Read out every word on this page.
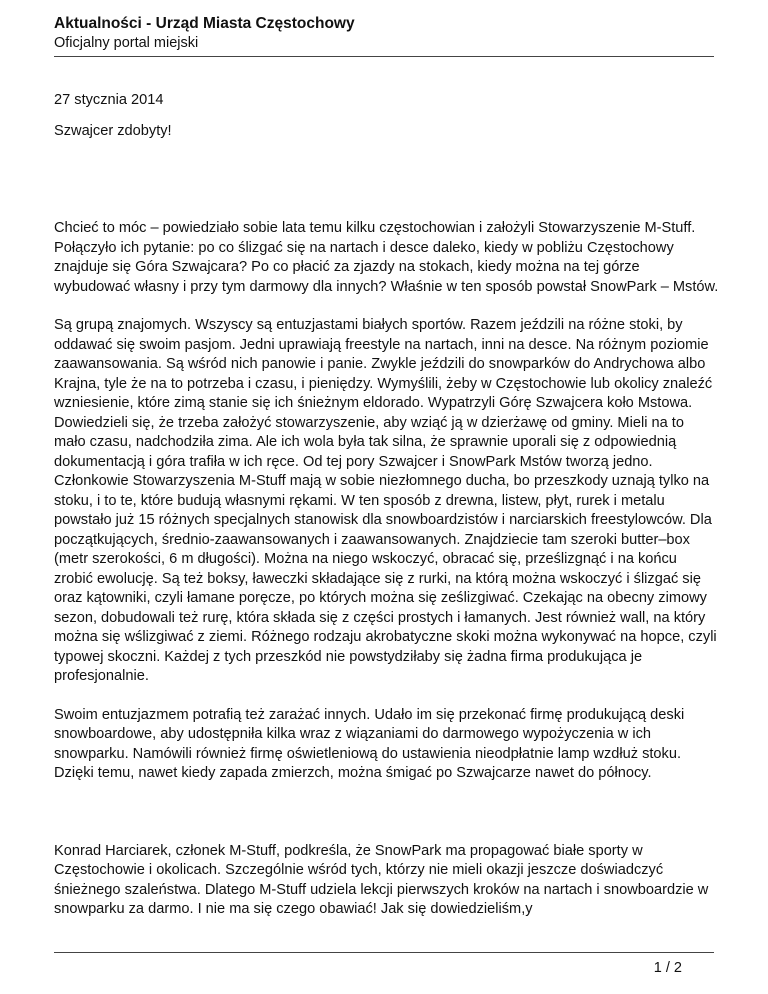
Aktualności - Urząd Miasta Częstochowy

Oficjalny portal miejski

27 stycznia 2014

Szwajcer zdobyty!

Chcieć to móc – powiedziało sobie lata temu kilku częstochowian i założyli Stowarzyszenie M-Stuff. Połączyło ich pytanie: po co ślizgać się na nartach i desce daleko, kiedy w pobliżu Częstochowy znajduje się Góra Szwajcara? Po co płacić za zjazdy na stokach, kiedy można na tej górze wybudować własny i przy tym darmowy dla innych? Właśnie w ten sposób powstał SnowPark – Mstów.

Są grupą znajomych. Wszyscy są entuzjastami białych sportów. Razem jeździli na różne stoki, by oddawać się swoim pasjom. Jedni uprawiają freestyle na nartach, inni na desce. Na różnym poziomie zaawansowania. Są wśród nich panowie i panie. Zwykle jeździli do snowparków do Andrychowa albo Krajna, tyle że na to potrzeba i czasu, i pieniędzy. Wymyślili, żeby w Częstochowie lub okolicy znaleźć wzniesienie, które zimą stanie się ich śnieżnym eldorado. Wypatrzyli Górę Szwajcera koło Mstowa. Dowiedzieli się, że trzeba założyć stowarzyszenie, aby wziąć ją w dzierżawę od gminy. Mieli na to mało czasu, nadchodziła zima. Ale ich wola była tak silna, że sprawnie uporali się z odpowiednią dokumentacją i góra trafiła w ich ręce. Od tej pory Szwajcer i SnowPark Mstów tworzą jedno.

Członkowie Stowarzyszenia M-Stuff mają w sobie niezłomnego ducha, bo przeszkody uznają tylko na stoku, i to te, które budują własnymi rękami. W ten sposób z drewna, listew, płyt, rurek i metalu powstało już 15 różnych specjalnych stanowisk dla snowboardzistów i narciarskich freestylowców. Dla początkujących, średnio-zaawansowanych i zaawansowanych. Znajdziecie tam szeroki butter–box (metr szerokości, 6 m długości). Można na niego wskoczyć, obracać się, prześlizgnąć i na końcu zrobić ewolucję. Są też boksy, ławeczki składające się z rurki, na którą można wskoczyć i ślizgać się oraz kątowniki, czyli łamane poręcze, po których można się ześlizgiwać. Czekając na obecny zimowy sezon, dobudowali też rurę, która składa się z części prostych i łamanych. Jest również wall, na który można się wślizgiwać z ziemi. Różnego rodzaju akrobatyczne skoki można wykonywać na hopce, czyli typowej skoczni. Każdej z tych przeszkód nie powstydziłaby się żadna firma produkująca je profesjonalnie.

Swoim entuzjazmem potrafią też zarażać innych. Udało im się przekonać firmę produkującą deski snowboardowe, aby udostępniła kilka wraz z wiązaniami do darmowego wypożyczenia w ich snowparku. Namówili również firmę oświetleniową do ustawienia nieodpłatnie lamp wzdłuż stoku. Dzięki temu, nawet kiedy zapada zmierzch, można śmigać po Szwajcarze nawet do północy.

Konrad Harciarek, członek M-Stuff, podkreśla, że SnowPark ma propagować białe sporty w Częstochowie i okolicach. Szczególnie wśród tych, którzy nie mieli okazji jeszcze doświadczyć śnieżnego szaleństwa. Dlatego M-Stuff udziela lekcji pierwszych kroków na nartach i snowboardzie w snowparku za darmo. I nie ma się czego obawiać! Jak się dowiedzieliśm,y

1 / 2
